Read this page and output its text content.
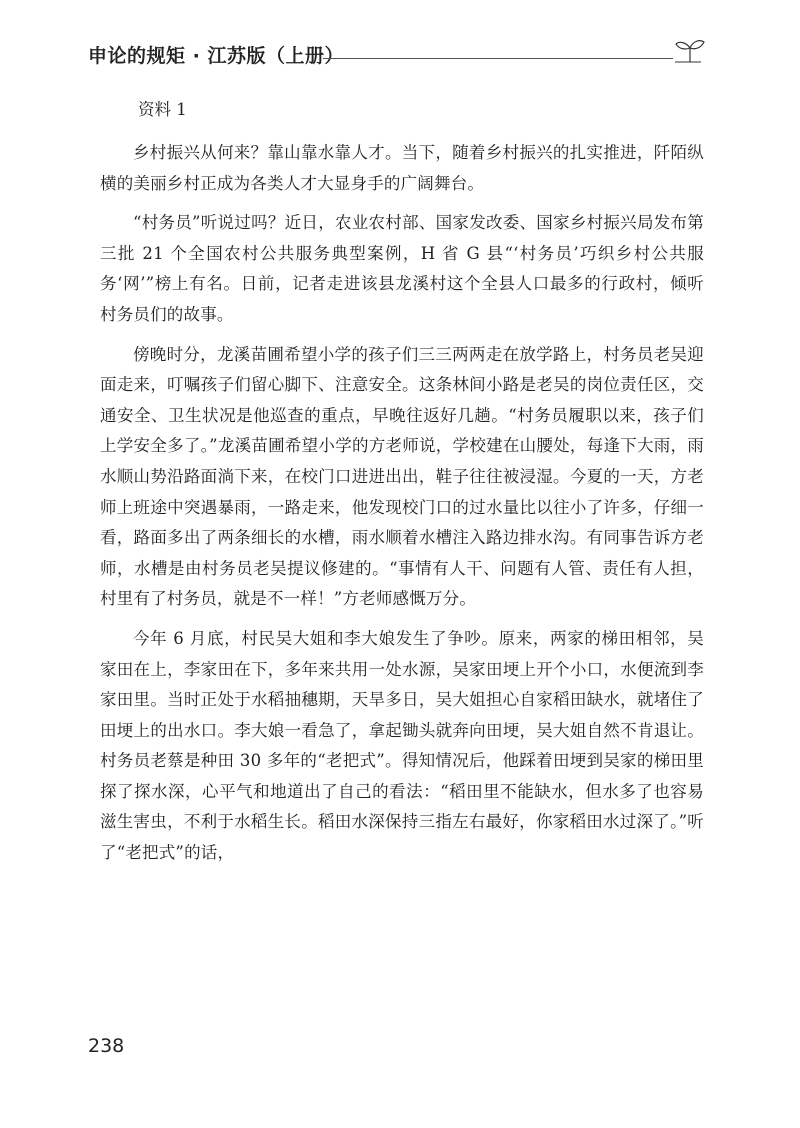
申论的规矩 · 江苏版（上册）
资料 1

乡村振兴从何来？靠山靠水靠人才。当下，随着乡村振兴的扎实推进，阡陌纵横的美丽乡村正成为各类人才大显身手的广阔舞台。

“村务员”听说过吗？近日，农业农村部、国家发改委、国家乡村振兴局发布第三批 21 个全国农村公共服务典型案例，H 省 G 县“‘村务员’巧织乡村公共服务‘网’”榜上有名。日前，记者走进该县龙溪村这个全县人口最多的行政村，倾听村务员们的故事。

傍晚时分，龙溪苗圃希望小学的孩子们三三两两走在放学路上，村务员老吴迎面走来，叮嘱孩子们留心脚下、注意安全。这条林间小路是老吴的岗位责任区，交通安全、卫生状况是他巡查的重点，早晚往返好几趟。“村务员履职以来，孩子们上学安全多了。”龙溪苗圃希望小学的方老师说，学校建在山腰处，每逢下大雨，雨水顺山势沿路面淌下来，在校门口进进出出，鞋子往往被浸湿。今夏的一天，方老师上班途中突遇暴雨，一路走来，他发现校门口的过水量比以往小了许多，仔细一看，路面多出了两条细长的水槽，雨水顺着水槽注入路边排水沟。有同事告诉方老师，水槽是由村务员老吴提议修建的。“事情有人干、问题有人管、责任有人担，村里有了村务员，就是不一样！”方老师感慨万分。

今年 6 月底，村民吴大姐和李大娘发生了争吵。原来，两家的梯田相邻，吴家田在上，李家田在下，多年来共用一处水源，吴家田埂上开个小口，水便流到李家田里。当时正处于水稻抽穗期，天旱多日，吴大姐担心自家稻田缺水，就堵住了田埂上的出水口。李大娘一看急了，拿起锄头就奔向田埂，吴大姐自然不肯退让。村务员老蔡是种田 30 多年的“老把式”。得知情况后，他踩着田埂到吴家的梯田里探了探水深，心平气和地道出了自己的看法：“稻田里不能缺水，但水多了也容易滋生害虫，不利于水稻生长。稻田水深保持三指左右最好，你家稻田水过深了。”听了“老把式”的话，

238
